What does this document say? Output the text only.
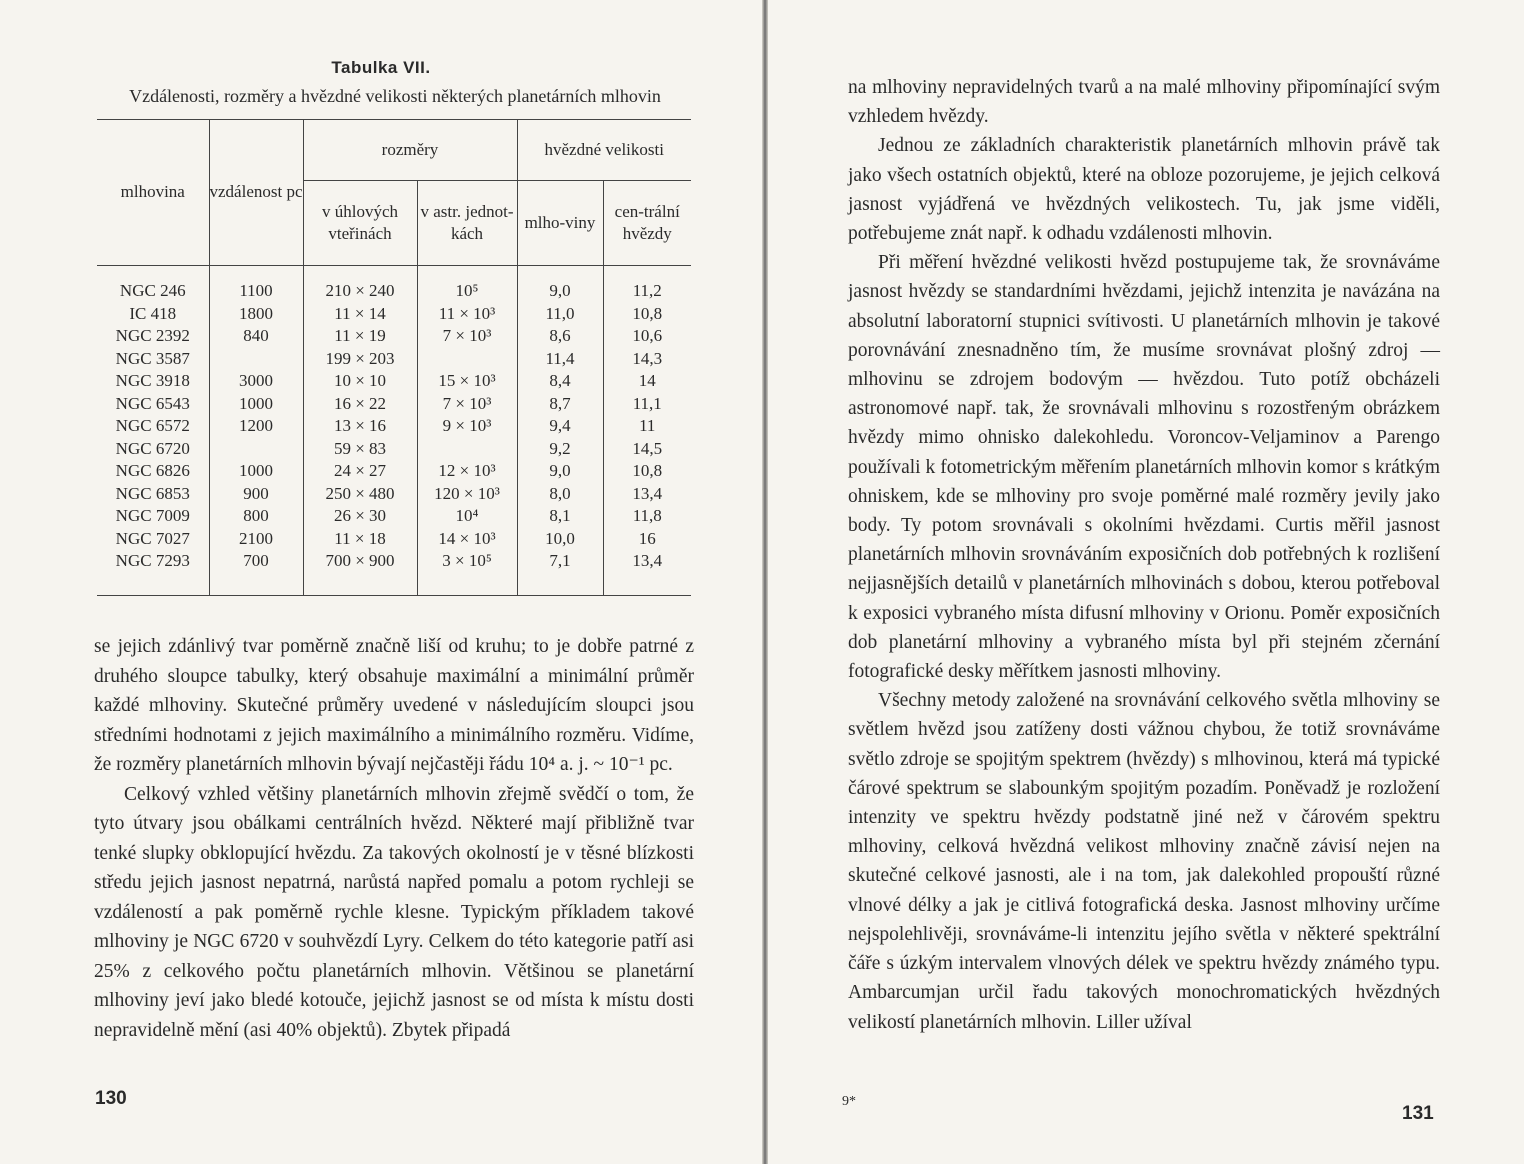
Tabulka VII.
Vzdálenosti, rozměry a hvězdné velikosti některých planetárních mlhovin
mlhovina	vzdálenost pc	rozměry		hvězdné velikosti	
		v úhlových vteřinách	v astr. jednot-kách	mlho-viny	cen-trální hvězdy
NGC 246	1100	210 × 240	10⁵	9,0	11,2
IC 418	1800	11 × 14	11 × 10³	11,0	10,8
NGC 2392	840	11 × 19	7 × 10³	8,6	10,6
NGC 3587		199 × 203		11,4	14,3
NGC 3918	3000	10 × 10	15 × 10³	8,4	14
NGC 6543	1000	16 × 22	7 × 10³	8,7	11,1
NGC 6572	1200	13 × 16	9 × 10³	9,4	11
NGC 6720		59 × 83		9,2	14,5
NGC 6826	1000	24 × 27	12 × 10³	9,0	10,8
NGC 6853	900	250 × 480	120 × 10³	8,0	13,4
NGC 7009	800	26 × 30	10⁴	8,1	11,8
NGC 7027	2100	11 × 18	14 × 10³	10,0	16
NGC 7293	700	700 × 900	3 × 10⁵	7,1	13,4

se jejich zdánlivý tvar poměrně značně liší od kruhu; to je dobře patrné z druhého sloupce tabulky, který obsahuje maximální a minimální průměr každé mlhoviny. Skutečné průměry uvedené v následujícím sloupci jsou středními hodnotami z jejich maximálního a minimálního rozměru. Vidíme, že rozměry planetárních mlhovin bývají nejčastěji řádu 10⁴ a. j. ~ 10⁻¹ pc.

Celkový vzhled většiny planetárních mlhovin zřejmě svědčí o tom, že tyto útvary jsou obálkami centrálních hvězd. Některé mají přibližně tvar tenké slupky obklopující hvězdu. Za takových okolností je v těsné blízkosti středu jejich jasnost nepatrná, narůstá napřed pomalu a potom rychleji se vzdáleností a pak poměrně rychle klesne. Typickým příkladem takové mlhoviny je NGC 6720 v souhvězdí Lyry. Celkem do této kategorie patří asi 25% z celkového počtu planetárních mlhovin. Většinou se planetární mlhoviny jeví jako bledé kotouče, jejichž jasnost se od místa k místu dosti nepravidelně mění (asi 40% objektů). Zbytek připadá

130

na mlhoviny nepravidelných tvarů a na malé mlhoviny připomínající svým vzhledem hvězdy.

Jednou ze základních charakteristik planetárních mlhovin právě tak jako všech ostatních objektů, které na obloze pozorujeme, je jejich celková jasnost vyjádřená ve hvězdných velikostech. Tu, jak jsme viděli, potřebujeme znát např. k odhadu vzdálenosti mlhovin.

Při měření hvězdné velikosti hvězd postupujeme tak, že srovnáváme jasnost hvězdy se standardními hvězdami, jejichž intenzita je navázána na absolutní laboratorní stupnici svítivosti. U planetárních mlhovin je takové porovnávání znesnadněno tím, že musíme srovnávat plošný zdroj — mlhovinu se zdrojem bodovým — hvězdou. Tuto potíž obcházeli astronomové např. tak, že srovnávali mlhovinu s rozostřeným obrázkem hvězdy mimo ohnisko dalekohledu. Voroncov-Veljaminov a Parengo používali k fotometrickým měřením planetárních mlhovin komor s krátkým ohniskem, kde se mlhoviny pro svoje poměrné malé rozměry jevily jako body. Ty potom srovnávali s okolními hvězdami. Curtis měřil jasnost planetárních mlhovin srovnáváním exposičních dob potřebných k rozlišení nejjasnějších detailů v planetárních mlhovinách s dobou, kterou potřeboval k exposici vybraného místa difusní mlhoviny v Orionu. Poměr exposičních dob planetární mlhoviny a vybraného místa byl při stejném zčernání fotografické desky měřítkem jasnosti mlhoviny.

Všechny metody založené na srovnávání celkového světla mlhoviny se světlem hvězd jsou zatíženy dosti vážnou chybou, že totiž srovnáváme světlo zdroje se spojitým spektrem (hvězdy) s mlhovinou, která má typické čárové spektrum se slabounkým spojitým pozadím. Poněvadž je rozložení intenzity ve spektru hvězdy podstatně jiné než v čárovém spektru mlhoviny, celková hvězdná velikost mlhoviny značně závisí nejen na skutečné celkové jasnosti, ale i na tom, jak dalekohled propouští různé vlnové délky a jak je citlivá fotografická deska. Jasnost mlhoviny určíme nejspolehlivěji, srovnáváme-li intenzitu jejího světla v některé spektrální čáře s úzkým intervalem vlnových délek ve spektru hvězdy známého typu. Ambarcumjan určil řadu takových monochromatických hvězdných velikostí planetárních mlhovin. Liller užíval

9*
131
